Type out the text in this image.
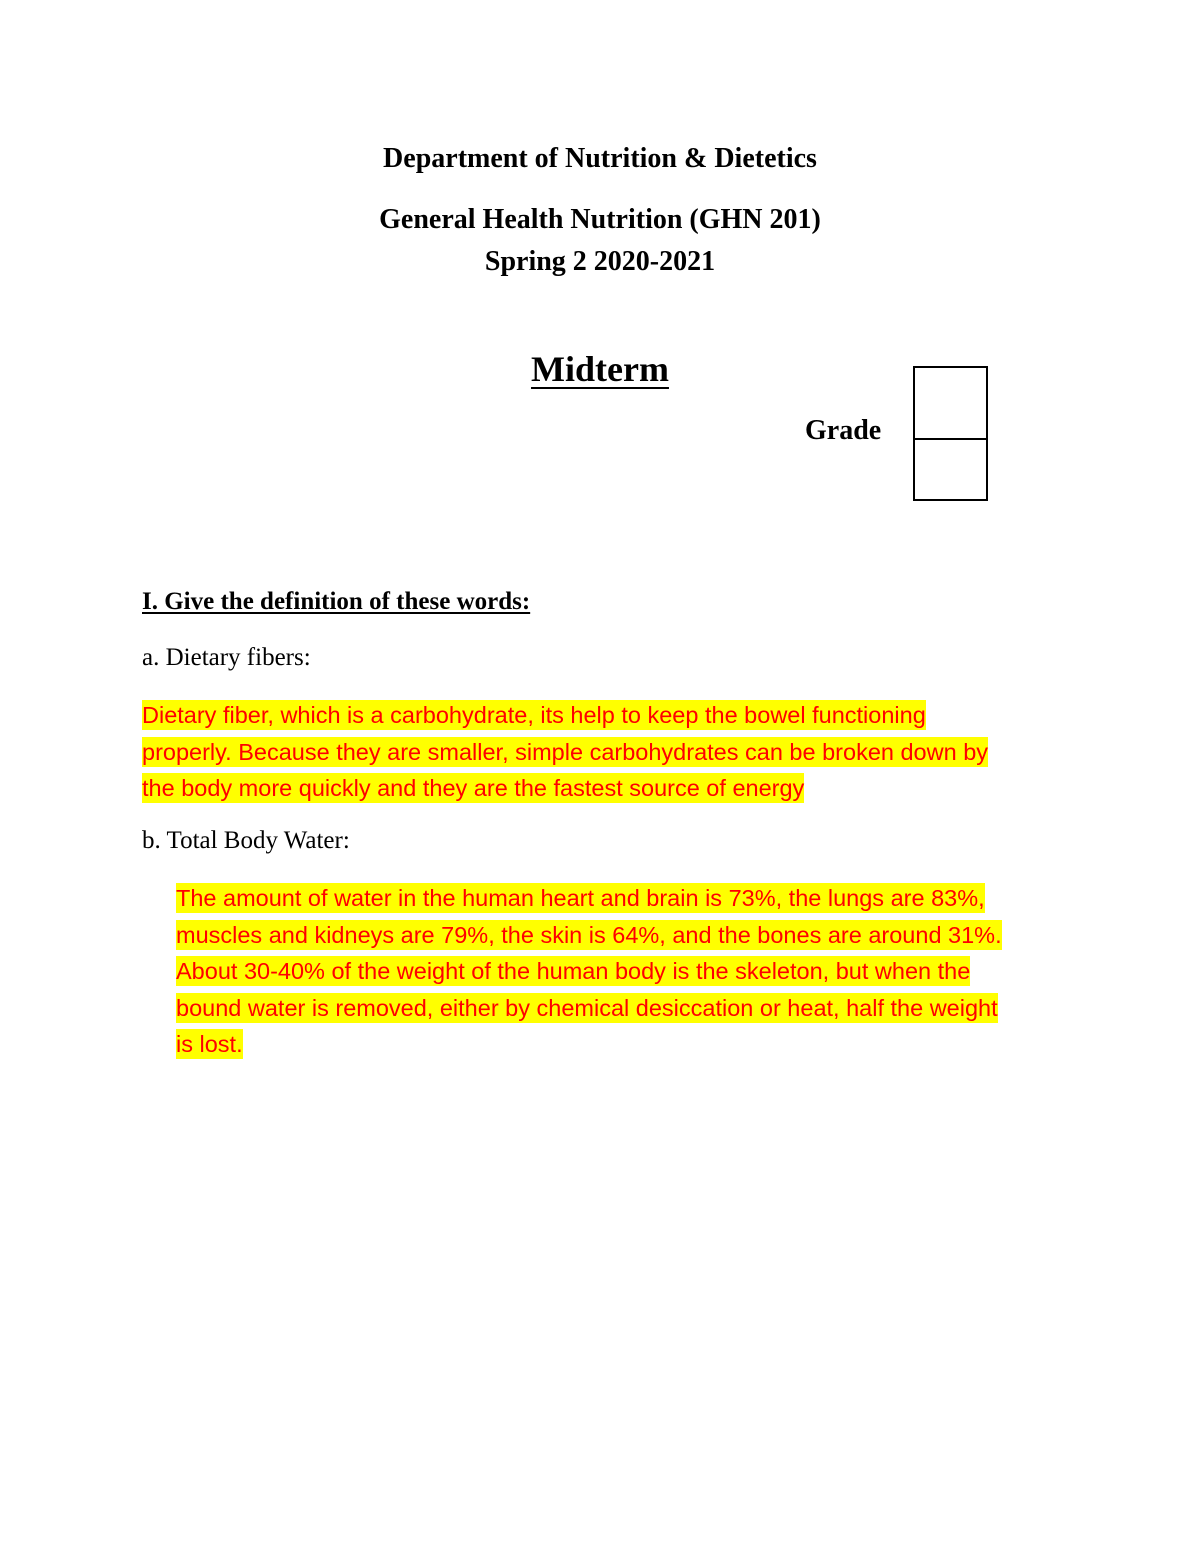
Department of Nutrition & Dietetics
General Health Nutrition (GHN 201)
Spring 2 2020-2021
Midterm
Grade
I. Give the definition of these words:
a. Dietary fibers:
Dietary fiber, which is a carbohydrate, its help to keep the bowel functioning
properly. Because they are smaller, simple carbohydrates can be broken down by
the body more quickly and they are the fastest source of energy
b. Total Body Water:
The amount of water in the human heart and brain is 73%, the lungs are 83%,
muscles and kidneys are 79%, the skin is 64%, and the bones are around 31%.
About 30-40% of the weight of the human body is the skeleton, but when the
bound water is removed, either by chemical desiccation or heat, half the weight
is lost.
